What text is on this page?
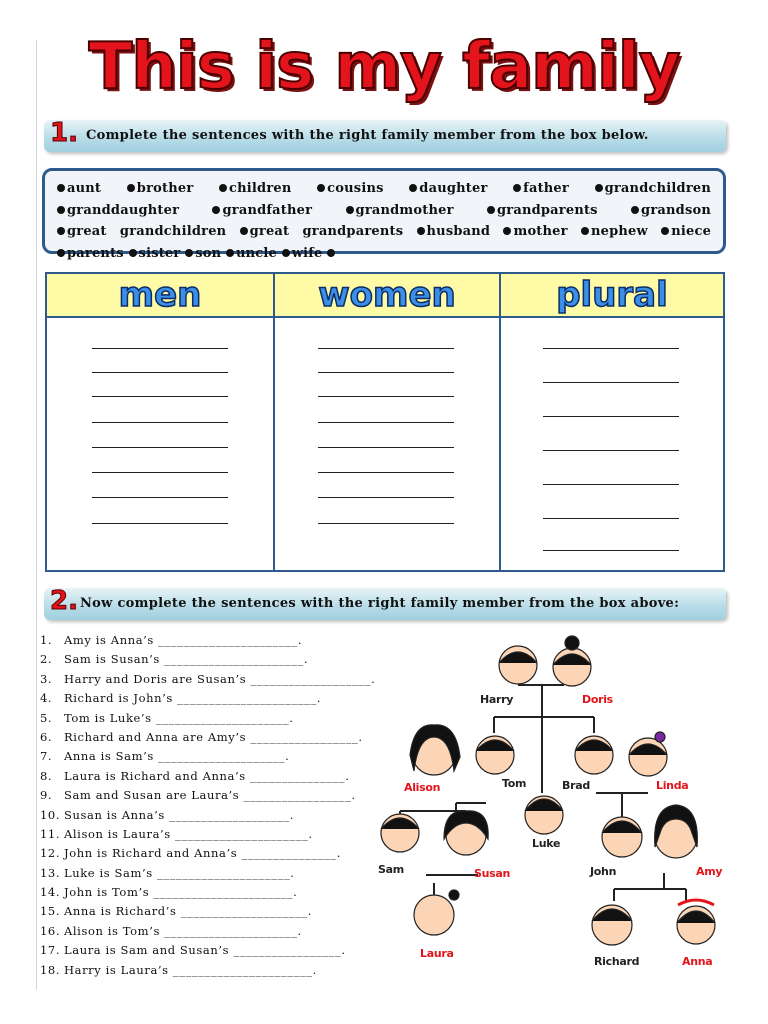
This is my family
1. Complete the sentences with the right family member from the box below.
aunt	brother	children	cousins	daughter	father	grandchildren granddaughter	grandfather	grandmother	grandparents	grandson great grandchildren great grandparents husband mother nephew niece parents sister son uncle wife
men	women	plural
2. Now complete the sentences with the right family member from the box above:
1. Amy is Anna’s ______________________.
2. Sam is Susan’s ______________________.
3. Harry and Doris are Susan’s ___________________.
4. Richard is John’s ______________________.
5. Tom is Luke’s _____________________.
6. Richard and Anna are Amy’s _________________.
7. Anna is Sam’s ____________________.
8. Laura is Richard and Anna’s _______________.
9. Sam and Susan are Laura’s _________________.
10. Susan is Anna’s ___________________.
11. Alison is Laura’s _____________________.
12. John is Richard and Anna’s _______________.
13. Luke is Sam’s _____________________.
14. John is Tom’s ______________________.
15. Anna is Richard’s ____________________.
16. Alison is Tom’s _____________________.
17. Laura is Sam and Susan’s _________________.
18. Harry is Laura’s ______________________.
Harry	Doris
Alison	Tom	Brad	Linda
Sam	Susan
Luke
John	Amy
Laura
Richard	Anna
